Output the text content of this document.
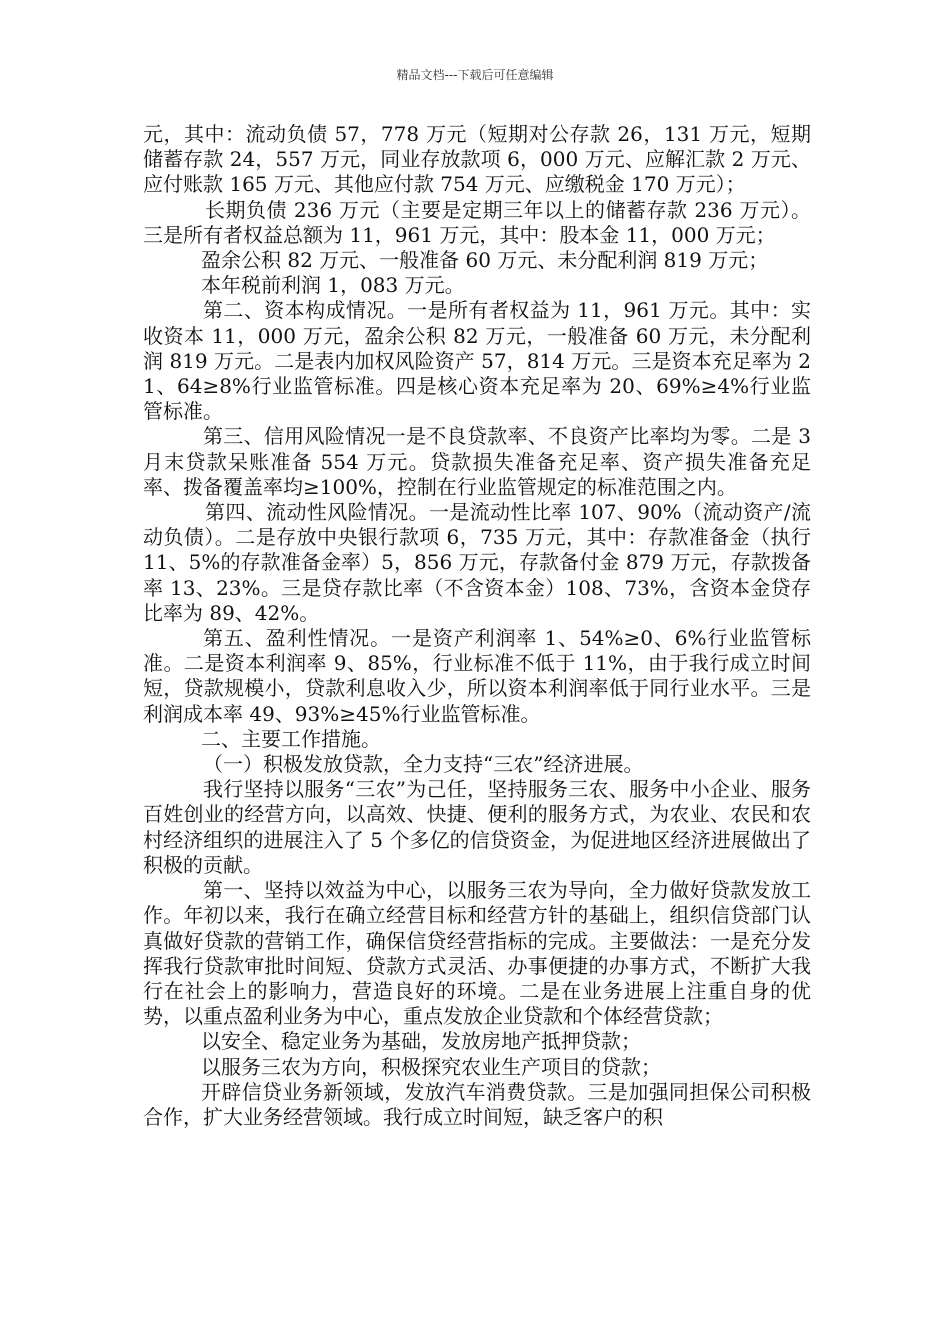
精品文档---下载后可任意编辑

元，其中：流动负债 57，778 万元（短期对公存款 26，131 万元，短期储蓄存款 24，557 万元，同业存放款项 6，000 万元、应解汇款 2 万元、应付账款 165 万元、其他应付款 754 万元、应缴税金 170 万元）；

长期负债 236 万元（主要是定期三年以上的储蓄存款 236 万元）。三是所有者权益总额为 11，961 万元，其中：股本金 11，000 万元；

盈余公积 82 万元、一般准备 60 万元、未分配利润 819 万元；

本年税前利润 1，083 万元。

第二、资本构成情况。一是所有者权益为 11，961 万元。其中：实收资本 11，000 万元，盈余公积 82 万元，一般准备 60 万元，未分配利润 819 万元。二是表内加权风险资产 57，814 万元。三是资本充足率为 21、64≥8%行业监管标准。四是核心资本充足率为 20、69%≥4%行业监管标准。

第三、信用风险情况一是不良贷款率、不良资产比率均为零。二是 3 月末贷款呆账准备 554 万元。贷款损失准备充足率、资产损失准备充足率、拨备覆盖率均≥100%，控制在行业监管规定的标准范围之内。

第四、流动性风险情况。一是流动性比率 107、90%（流动资产/流动负债）。二是存放中央银行款项 6，735 万元，其中：存款准备金（执行 11、5%的存款准备金率）5，856 万元，存款备付金 879 万元，存款拨备率 13、23%。三是贷存款比率（不含资本金）108、73%，含资本金贷存比率为 89、42%。

第五、盈利性情况。一是资产利润率 1、54%≥0、6%行业监管标准。二是资本利润率 9、85%，行业标准不低于 11%，由于我行成立时间短，贷款规模小，贷款利息收入少，所以资本利润率低于同行业水平。三是利润成本率 49、93%≥45%行业监管标准。

二、主要工作措施。

（一）积极发放贷款，全力支持“三农”经济进展。

我行坚持以服务“三农”为己任，坚持服务三农、服务中小企业、服务百姓创业的经营方向，以高效、快捷、便利的服务方式，为农业、农民和农村经济组织的进展注入了 5 个多亿的信贷资金，为促进地区经济进展做出了积极的贡献。

第一、坚持以效益为中心，以服务三农为导向，全力做好贷款发放工作。年初以来，我行在确立经营目标和经营方针的基础上，组织信贷部门认真做好贷款的营销工作，确保信贷经营指标的完成。主要做法：一是充分发挥我行贷款审批时间短、贷款方式灵活、办事便捷的办事方式，不断扩大我行在社会上的影响力，营造良好的环境。二是在业务进展上注重自身的优势，以重点盈利业务为中心，重点发放企业贷款和个体经营贷款；

以安全、稳定业务为基础，发放房地产抵押贷款；

以服务三农为方向，积极探究农业生产项目的贷款；

开辟信贷业务新领域，发放汽车消费贷款。三是加强同担保公司积极合作，扩大业务经营领域。我行成立时间短，缺乏客户的积
